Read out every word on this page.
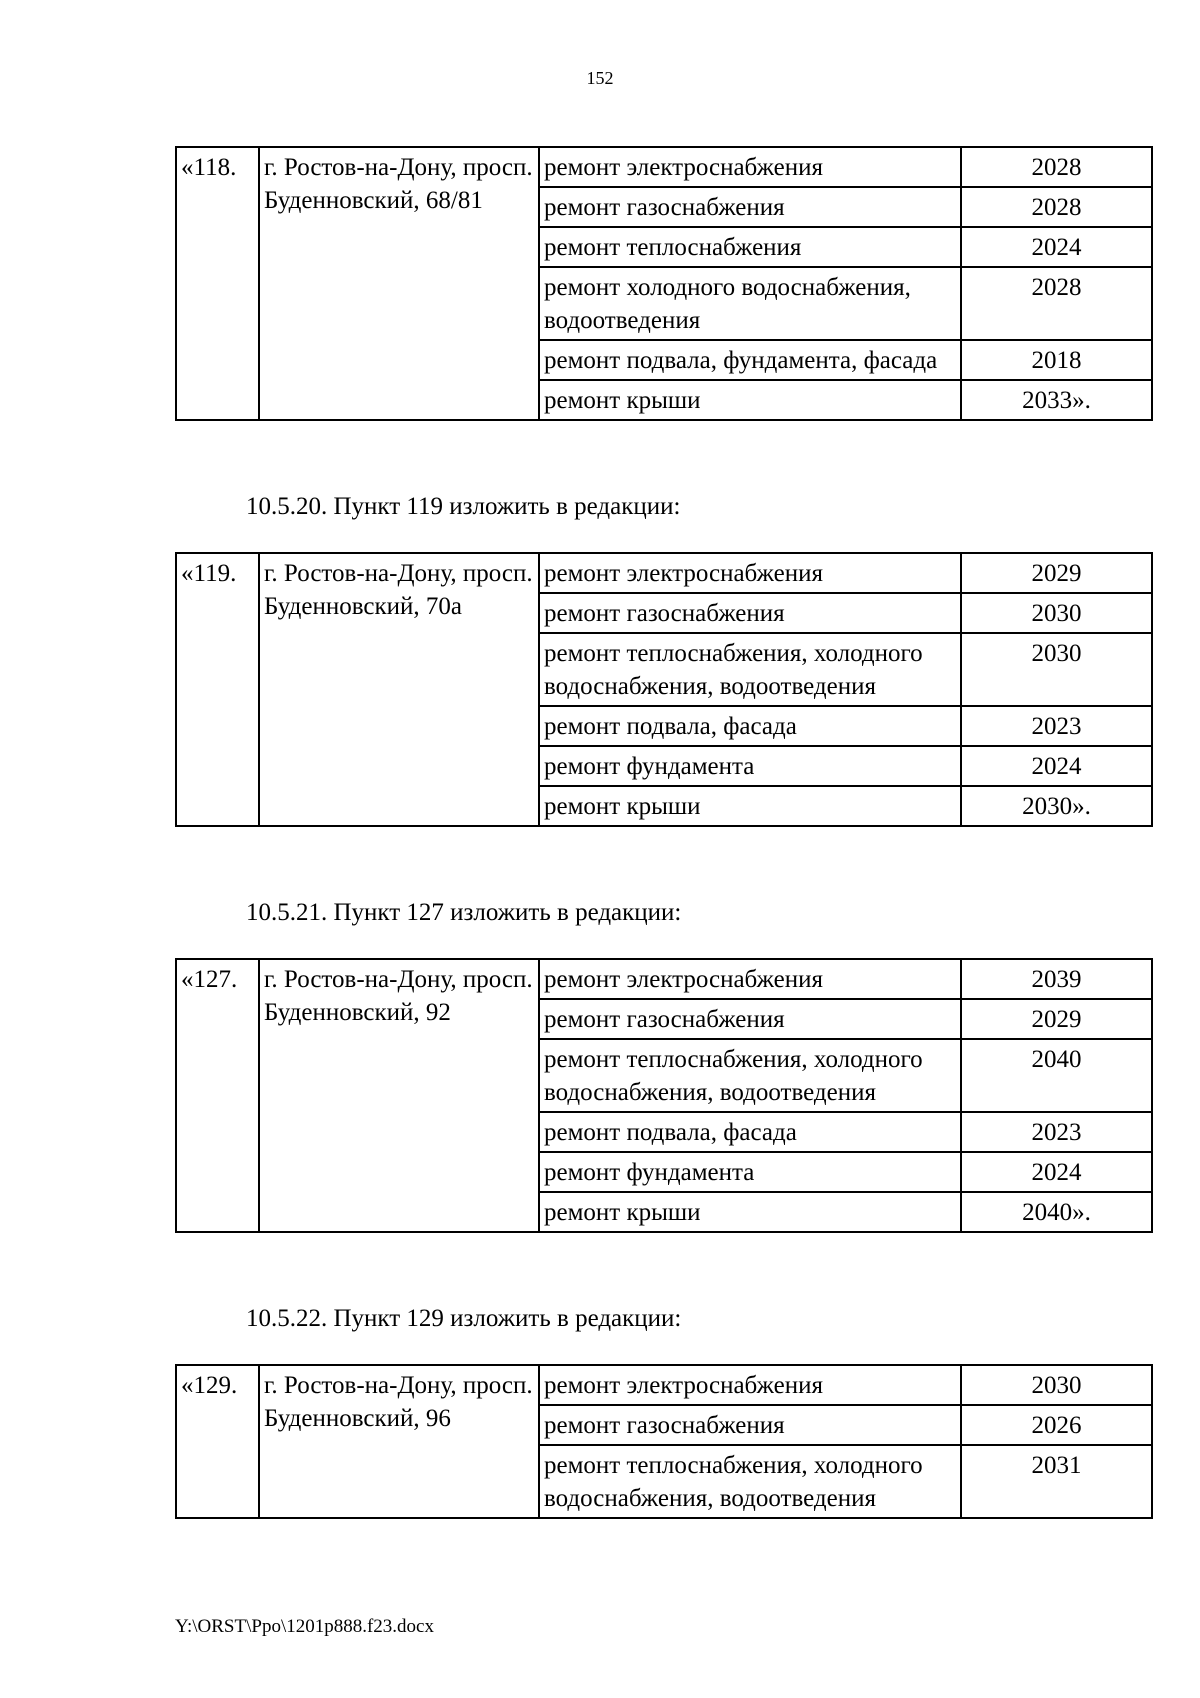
152
«118.	г. Ростов-на-Дону, просп. Буденновский, 68/81	ремонт электроснабжения	2028
		ремонт газоснабжения	2028
		ремонт теплоснабжения	2024
		ремонт холодного водоснабжения, водоотведения	2028
		ремонт подвала, фундамента, фасада	2018
		ремонт крыши	2033».
10.5.20. Пункт 119 изложить в редакции:
«119.	г. Ростов-на-Дону, просп. Буденновский, 70а	ремонт электроснабжения	2029
		ремонт газоснабжения	2030
		ремонт теплоснабжения, холодного водоснабжения, водоотведения	2030
		ремонт подвала, фасада	2023
		ремонт фундамента	2024
		ремонт крыши	2030».
10.5.21. Пункт 127 изложить в редакции:
«127.	г. Ростов-на-Дону, просп. Буденновский, 92	ремонт электроснабжения	2039
		ремонт газоснабжения	2029
		ремонт теплоснабжения, холодного водоснабжения, водоотведения	2040
		ремонт подвала, фасада	2023
		ремонт фундамента	2024
		ремонт крыши	2040».
10.5.22. Пункт 129 изложить в редакции:
«129.	г. Ростов-на-Дону, просп. Буденновский, 96	ремонт электроснабжения	2030
		ремонт газоснабжения	2026
		ремонт теплоснабжения, холодного водоснабжения, водоотведения	2031
Y:\ORST\Ppo\1201p888.f23.docx
